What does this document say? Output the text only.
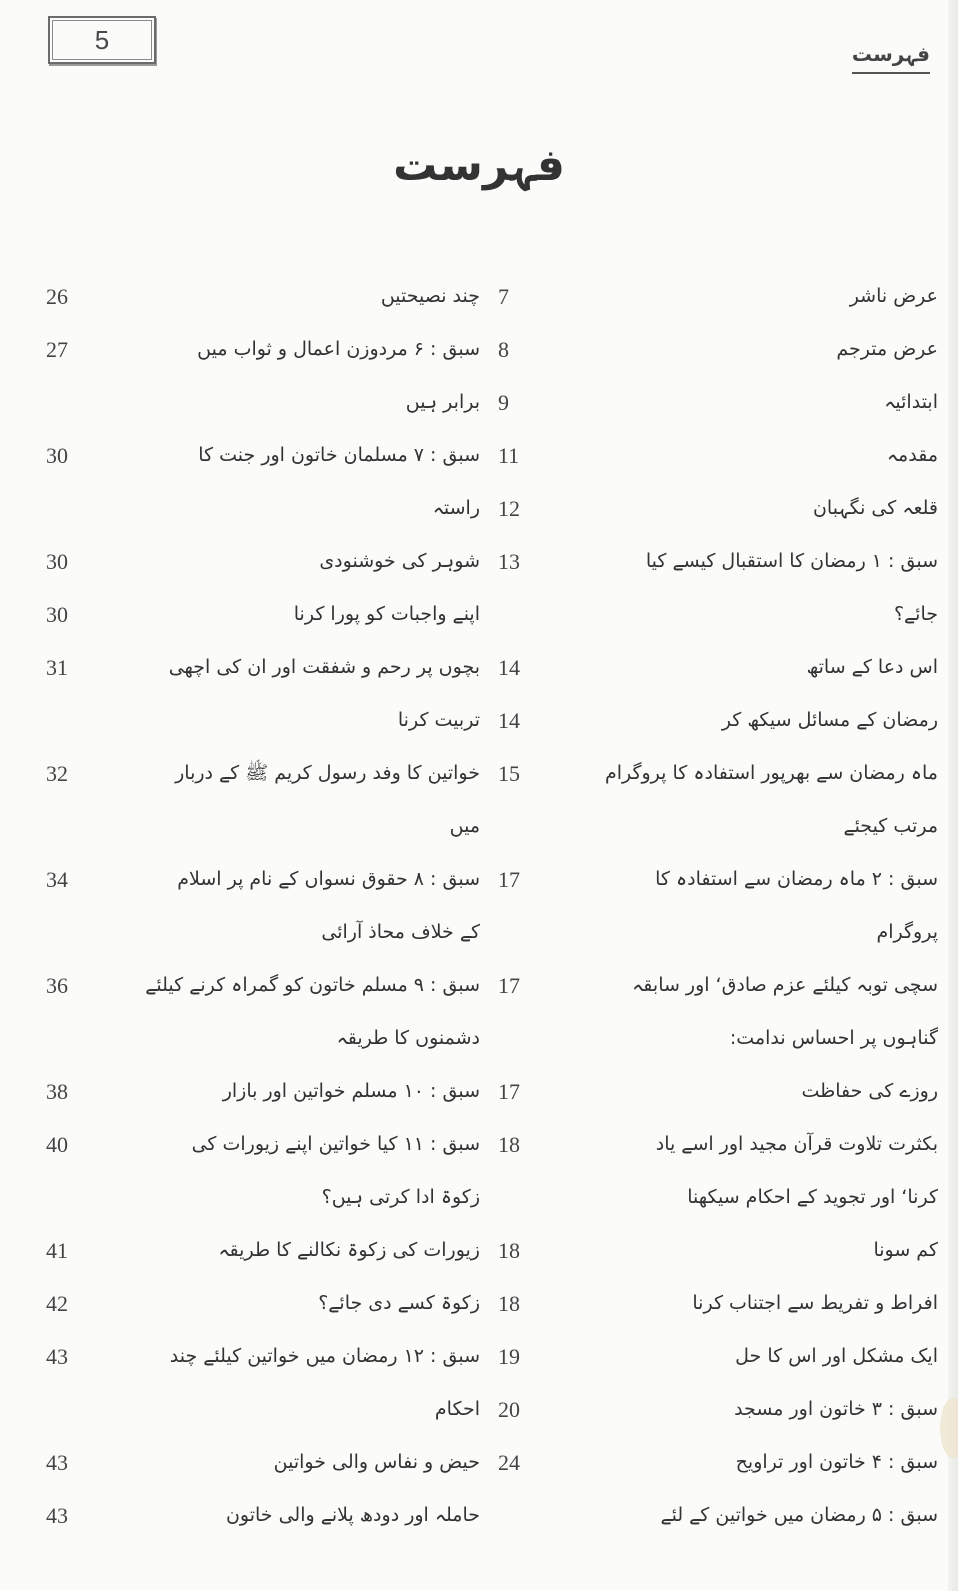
5	فہرست
فہرست
7	عرض ناشر
8	عرض مترجم
9	ابتدائیہ
11	مقدمہ
12	قلعہ کی نگہبان
13	سبق : ۱ رمضان کا استقبال کیسے کیا
جائے؟
14	اس دعا کے ساتھ
14	رمضان کے مسائل سیکھ کر
15	ماہ رمضان سے بھرپور استفادہ کا پروگرام
مرتب کیجئے
17	سبق : ۲ ماہ رمضان سے استفادہ کا
پروگرام
17	سچی توبہ کیلئے عزم صادق‘ اور سابقہ
گناہوں پر احساس ندامت:
17	روزے کی حفاظت
18	بکثرت تلاوت قرآن مجید اور اسے یاد
کرنا‘ اور تجوید کے احکام سیکھنا
18	کم سونا
18	افراط و تفریط سے اجتناب کرنا
19	ایک مشکل اور اس کا حل
20	سبق : ۳ خاتون اور مسجد
24	سبق : ۴ خاتون اور تراویح
سبق : ۵ رمضان میں خواتین کے لئے
26	چند نصیحتیں
27	سبق : ۶ مردوزن اعمال و ثواب میں
برابر ہیں
30	سبق : ۷ مسلمان خاتون اور جنت کا
راستہ
30	شوہر کی خوشنودی
30	اپنے واجبات کو پورا کرنا
31	بچوں پر رحم و شفقت اور ان کی اچھی
تربیت کرنا
32	خواتین کا وفد رسول کریم ﷺ کے دربار
میں
34	سبق : ۸ حقوق نسواں کے نام پر اسلام
کے خلاف محاذ آرائی
36	سبق : ۹ مسلم خاتون کو گمراہ کرنے کیلئے
دشمنوں کا طریقہ
38	سبق : ۱۰ مسلم خواتین اور بازار
40	سبق : ۱۱ کیا خواتین اپنے زیورات کی
زکوۃ ادا کرتی ہیں؟
41	زیورات کی زکوۃ نکالنے کا طریقہ
42	زکوۃ کسے دی جائے؟
43	سبق : ۱۲ رمضان میں خواتین کیلئے چند
احکام
43	حیض و نفاس والی خواتین
43	حاملہ اور دودھ پلانے والی خاتون
